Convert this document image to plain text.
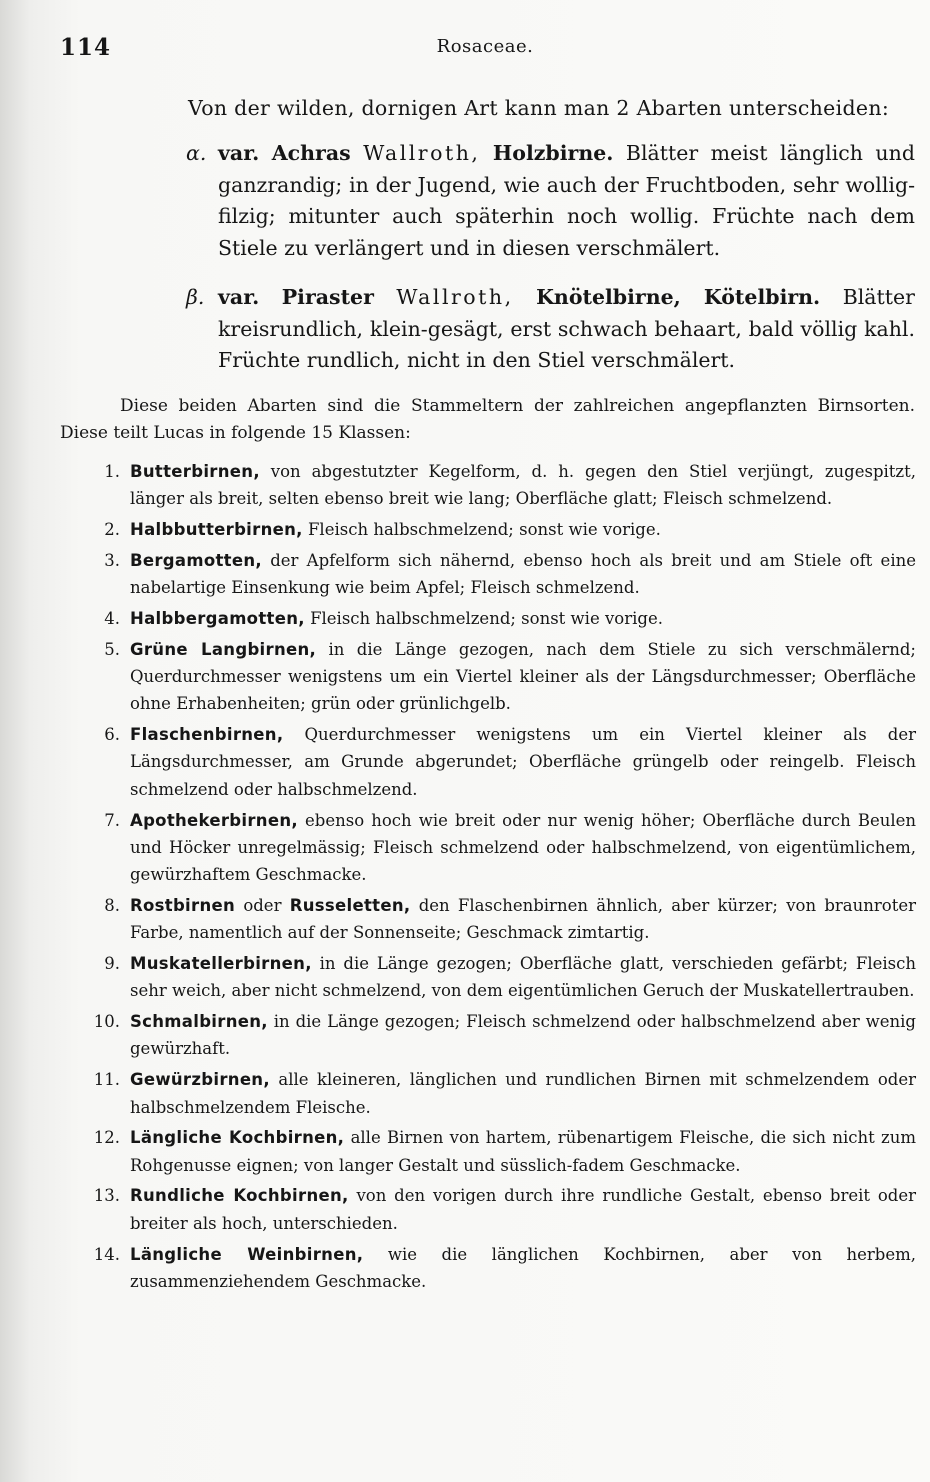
114	Rosaceae.
Von der wilden, dornigen Art kann man 2 Abarten unterscheiden:
α. var. Achras Wallroth, Holzbirne. Blätter meist länglich und ganzrandig; in der Jugend, wie auch der Fruchtboden, sehr wollig-filzig; mitunter auch späterhin noch wollig. Früchte nach dem Stiele zu verlängert und in diesen verschmälert.
β. var. Piraster Wallroth, Knötelbirne, Kötelbirn. Blätter kreisrundlich, klein-gesägt, erst schwach behaart, bald völlig kahl. Früchte rundlich, nicht in den Stiel verschmälert.
Diese beiden Abarten sind die Stammeltern der zahlreichen angepflanzten Birnsorten. Diese teilt Lucas in folgende 15 Klassen:
1. Butterbirnen, von abgestutzter Kegelform, d. h. gegen den Stiel verjüngt, zugespitzt, länger als breit, selten ebenso breit wie lang; Oberfläche glatt; Fleisch schmelzend.
2. Halbbutterbirnen, Fleisch halbschmelzend; sonst wie vorige.
3. Bergamotten, der Apfelform sich nähernd, ebenso hoch als breit und am Stiele oft eine nabelartige Einsenkung wie beim Apfel; Fleisch schmelzend.
4. Halbbergamotten, Fleisch halbschmelzend; sonst wie vorige.
5. Grüne Langbirnen, in die Länge gezogen, nach dem Stiele zu sich verschmälernd; Querdurchmesser wenigstens um ein Viertel kleiner als der Längsdurchmesser; Oberfläche ohne Erhabenheiten; grün oder grünlichgelb.
6. Flaschenbirnen, Querdurchmesser wenigstens um ein Viertel kleiner als der Längsdurchmesser, am Grunde abgerundet; Oberfläche grüngelb oder reingelb. Fleisch schmelzend oder halbschmelzend.
7. Apothekerbirnen, ebenso hoch wie breit oder nur wenig höher; Oberfläche durch Beulen und Höcker unregelmässig; Fleisch schmelzend oder halbschmelzend, von eigentümlichem, gewürzhaftem Geschmacke.
8. Rostbirnen oder Russeletten, den Flaschenbirnen ähnlich, aber kürzer; von braunroter Farbe, namentlich auf der Sonnenseite; Geschmack zimtartig.
9. Muskatellerbirnen, in die Länge gezogen; Oberfläche glatt, verschieden gefärbt; Fleisch sehr weich, aber nicht schmelzend, von dem eigentümlichen Geruch der Muskatellertrauben.
10. Schmalbirnen, in die Länge gezogen; Fleisch schmelzend oder halbschmelzend aber wenig gewürzhaft.
11. Gewürzbirnen, alle kleineren, länglichen und rundlichen Birnen mit schmelzendem oder halbschmelzendem Fleische.
12. Längliche Kochbirnen, alle Birnen von hartem, rübenartigem Fleische, die sich nicht zum Rohgenusse eignen; von langer Gestalt und süsslich-fadem Geschmacke.
13. Rundliche Kochbirnen, von den vorigen durch ihre rundliche Gestalt, ebenso breit oder breiter als hoch, unterschieden.
14. Längliche Weinbirnen, wie die länglichen Kochbirnen, aber von herbem, zusammenziehendem Geschmacke.
